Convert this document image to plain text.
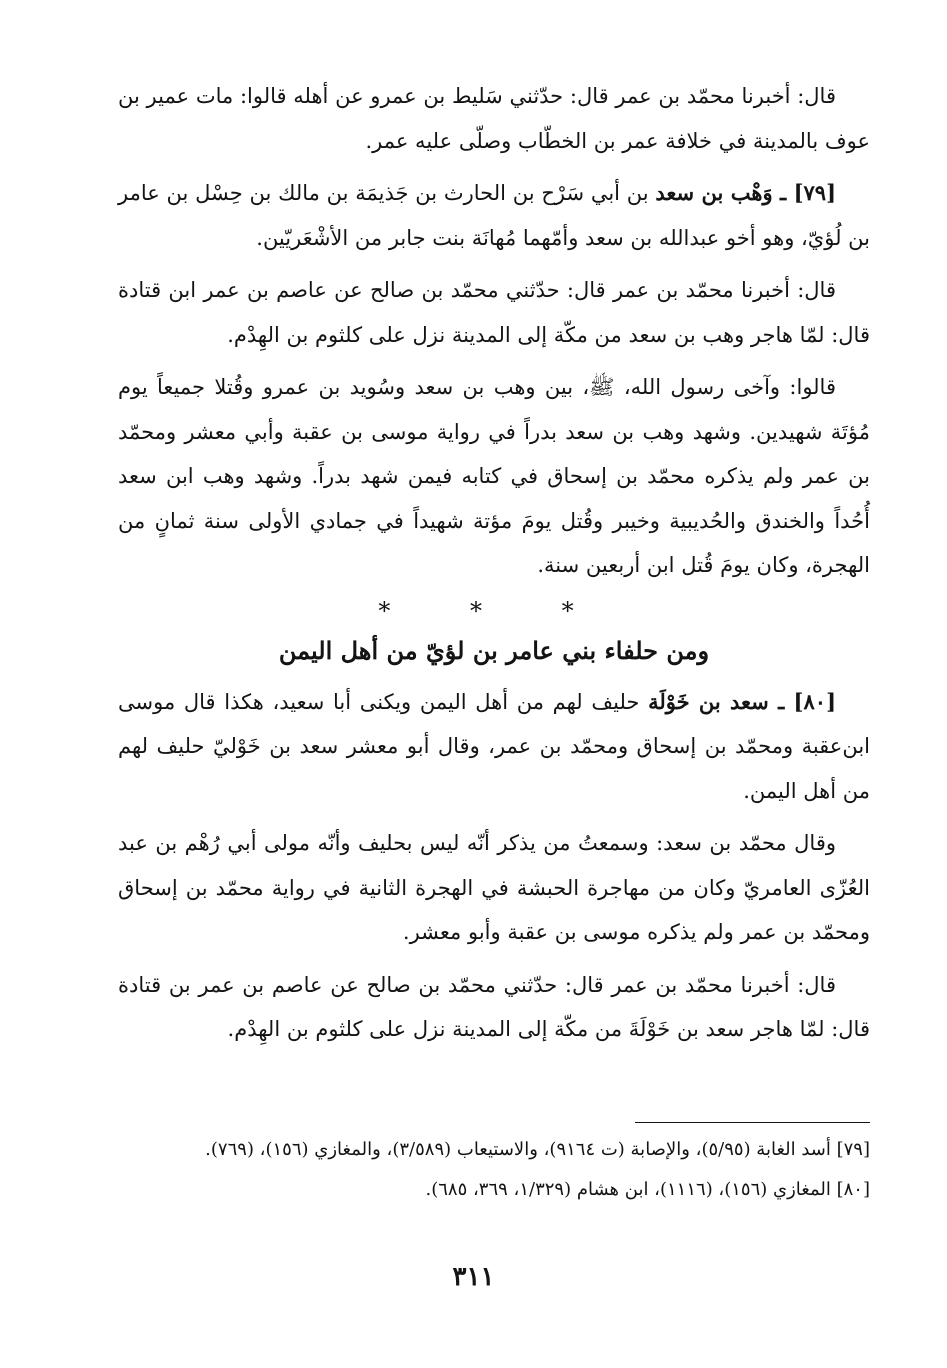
قال: أخبرنا محمّد بن عمر قال: حدّثني سَليط بن عمرو عن أهله قالوا: مات عمير بن عوف بالمدينة في خلافة عمر بن الخطّاب وصلّى عليه عمر.

[٧٩] ـ وَهْب بن سعد بن أبي سَرْح بن الحارث بن جَذيمَة بن مالك بن حِسْل بن عامر بن لُؤيّ، وهو أخو عبدالله بن سعد وأمّهما مُهانَة بنت جابر من الأشْعَريّين.

قال: أخبرنا محمّد بن عمر قال: حدّثني محمّد بن صالح عن عاصم بن عمر ابن قتادة قال: لمّا هاجر وهب بن سعد من مكّة إلى المدينة نزل على كلثوم بن الهِدْم.

قالوا: وآخى رسول الله، ﷺ، بين وهب بن سعد وسُويد بن عمرو وقُتلا جميعاً يوم مُؤتَة شهيدين. وشهد وهب بن سعد بدراً في رواية موسى بن عقبة وأبي معشر ومحمّد بن عمر ولم يذكره محمّد بن إسحاق في كتابه فيمن شهد بدراً. وشهد وهب ابن سعد أُحُداً والخندق والحُديبية وخيبر وقُتل يومَ مؤتة شهيداً في جمادي الأولى سنة ثمانٍ من الهجرة، وكان يومَ قُتل ابن أربعين سنة.

* * *
ومن حلفاء بني عامر بن لؤيّ من أهل اليمن

[٨٠] ـ سعد بن خَوْلَة حليف لهم من أهل اليمن ويكنى أبا سعيد، هكذا قال موسى ابن‌عقبة ومحمّد بن إسحاق ومحمّد بن عمر، وقال أبو معشر سعد بن خَوْليّ حليف لهم من أهل اليمن.

وقال محمّد بن سعد: وسمعتُ من يذكر أنّه ليس بحليف وأنّه مولى أبي رُهْم بن عبد العُزّى العامريّ وكان من مهاجرة الحبشة في الهجرة الثانية في رواية محمّد بن إسحاق ومحمّد بن عمر ولم يذكره موسى بن عقبة وأبو معشر.

قال: أخبرنا محمّد بن عمر قال: حدّثني محمّد بن صالح عن عاصم بن عمر بن قتادة قال: لمّا هاجر سعد بن خَوْلَةَ من مكّة إلى المدينة نزل على كلثوم بن الهِدْم.

[٧٩] أسد الغابة (٥/٩٥)، والإصابة (ت ٩١٦٤)، والاستيعاب (٣/٥٨٩)، والمغازي (١٥٦)، (٧٦٩).

[٨٠] المغازي (١٥٦)، (١١١٦)، ابن هشام (١/٣٢٩، ٣٦٩، ٦٨٥).

٣١١
